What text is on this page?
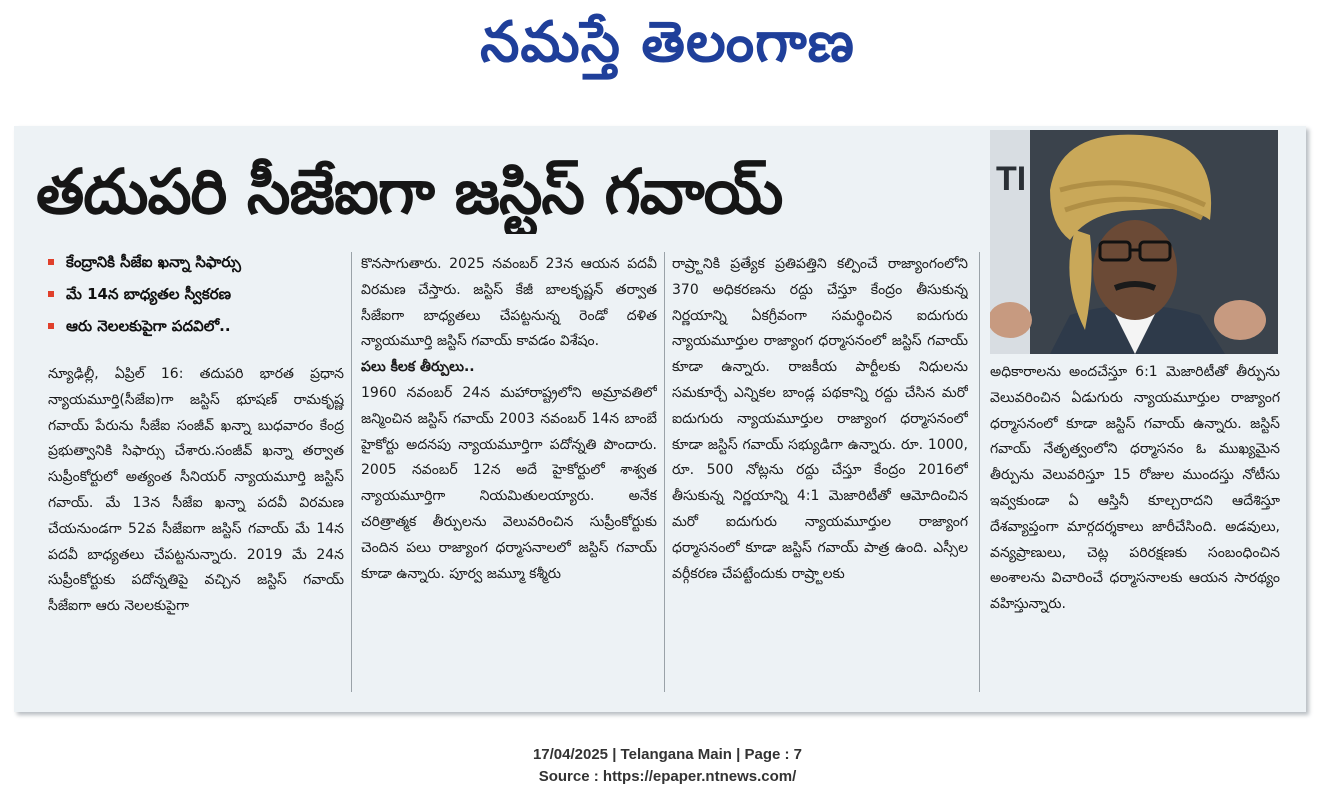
నమస్తే తెలంగాణ
తదుపరి సీజేఐగా జస్టిస్ గవాయ్
కేంద్రానికి సీజేఐ ఖన్నా సిఫార్సు
మే 14న బాధ్యతల స్వీకరణ
ఆరు నెలలకుపైగా పదవిలో..

న్యూఢిల్లీ, ఏప్రిల్ 16: తదుపరి భారత ప్రధాన న్యాయమూర్తి(సీజేఐ)గా జస్టిస్ భూషణ్ రామకృష్ణ గవాయ్ పేరును సీజేఐ సంజీవ్ ఖన్నా బుధవారం కేంద్ర ప్రభుత్వానికి సిఫార్సు చేశారు.సంజీవ్ ఖన్నా తర్వాత సుప్రీంకోర్టులో అత్యంత సీనియర్ న్యాయమూర్తి జస్టిస్ గవాయ్. మే 13న సీజేఐ ఖన్నా పదవీ విరమణ చేయనుండగా 52వ సీజేఐగా జస్టిస్ గవాయ్ మే 14న పదవీ బాధ్యతలు చేపట్టనున్నారు. 2019 మే 24న సుప్రీంకోర్టుకు పదోన్నతిపై వచ్చిన జస్టిస్ గవాయ్ సీజేఐగా ఆరు నెలలకుపైగా

కొనసాగుతారు. 2025 నవంబర్ 23న ఆయన పదవీ విరమణ చేస్తారు. జస్టిస్ కేజీ బాలకృష్ణన్ తర్వాత సీజేఐగా బాధ్యతలు చేపట్టనున్న రెండో దళిత న్యాయమూర్తి జస్టిస్ గవాయ్ కావడం విశేషం.

పలు కీలక తీర్పులు..

1960 నవంబర్ 24న మహారాష్ట్రలోని అమ్రావతిలో జన్మించిన జస్టిస్ గవాయ్ 2003 నవంబర్ 14న బాంబే హైకోర్టు అదనపు న్యాయమూర్తిగా పదోన్నతి పొందారు. 2005 నవంబర్ 12న అదే హైకోర్టులో శాశ్వత న్యాయమూర్తిగా నియమితులయ్యారు. అనేక చరిత్రాత్మక తీర్పులను వెలువరించిన సుప్రీంకోర్టుకు చెందిన పలు రాజ్యాంగ ధర్మాసనాలలో జస్టిస్ గవాయ్ కూడా ఉన్నారు. పూర్వ జమ్మూ కశ్మీరు

రాష్ర్టానికి ప్రత్యేక ప్రతిపత్తిని కల్పించే రాజ్యాంగంలోని 370 అధికరణను రద్దు చేస్తూ కేంద్రం తీసుకున్న నిర్ణయాన్ని ఏకగ్రీవంగా సమర్థించిన ఐదుగురు న్యాయమూర్తుల రాజ్యాంగ ధర్మాసనంలో జస్టిస్ గవాయ్ కూడా ఉన్నారు. రాజకీయ పార్టీలకు నిధులను సమకూర్చే ఎన్నికల బాండ్ల పథకాన్ని రద్దు చేసిన మరో ఐదుగురు న్యాయమూర్తుల రాజ్యాంగ ధర్మాసనంలో కూడా జస్టిస్ గవాయ్ సభ్యుడిగా ఉన్నారు. రూ. 1000, రూ. 500 నోట్లను రద్దు చేస్తూ కేంద్రం 2016లో తీసుకున్న నిర్ణయాన్ని 4:1 మెజారిటీతో ఆమోదించిన మరో ఐదుగురు న్యాయమూర్తుల రాజ్యాంగ ధర్మాసనంలో కూడా జస్టిస్ గవాయ్ పాత్ర ఉంది. ఎస్సీల వర్గీకరణ చేపట్టేందుకు రాష్ర్టాలకు

TI

అధికారాలను అందచేస్తూ 6:1 మెజారిటీతో తీర్పును వెలువరించిన ఏడుగురు న్యాయమూర్తుల రాజ్యాంగ ధర్మాసనంలో కూడా జస్టిస్ గవాయ్ ఉన్నారు. జస్టిస్ గవాయ్ నేతృత్వంలోని ధర్మాసనం ఓ ముఖ్యమైన తీర్పును వెలువరిస్తూ 15 రోజుల ముందస్తు నోటీసు ఇవ్వకుండా ఏ ఆస్తినీ కూల్చరాదని ఆదేశిస్తూ దేశవ్యాప్తంగా మార్గదర్శకాలు జారీచేసింది. అడవులు, వన్యప్రాణులు, చెట్ల పరిరక్షణకు సంబంధించిన అంశాలను విచారించే ధర్మాసనాలకు ఆయన సారథ్యం వహిస్తున్నారు.

17/04/2025 | Telangana Main | Page : 7
Source : https://epaper.ntnews.com/
